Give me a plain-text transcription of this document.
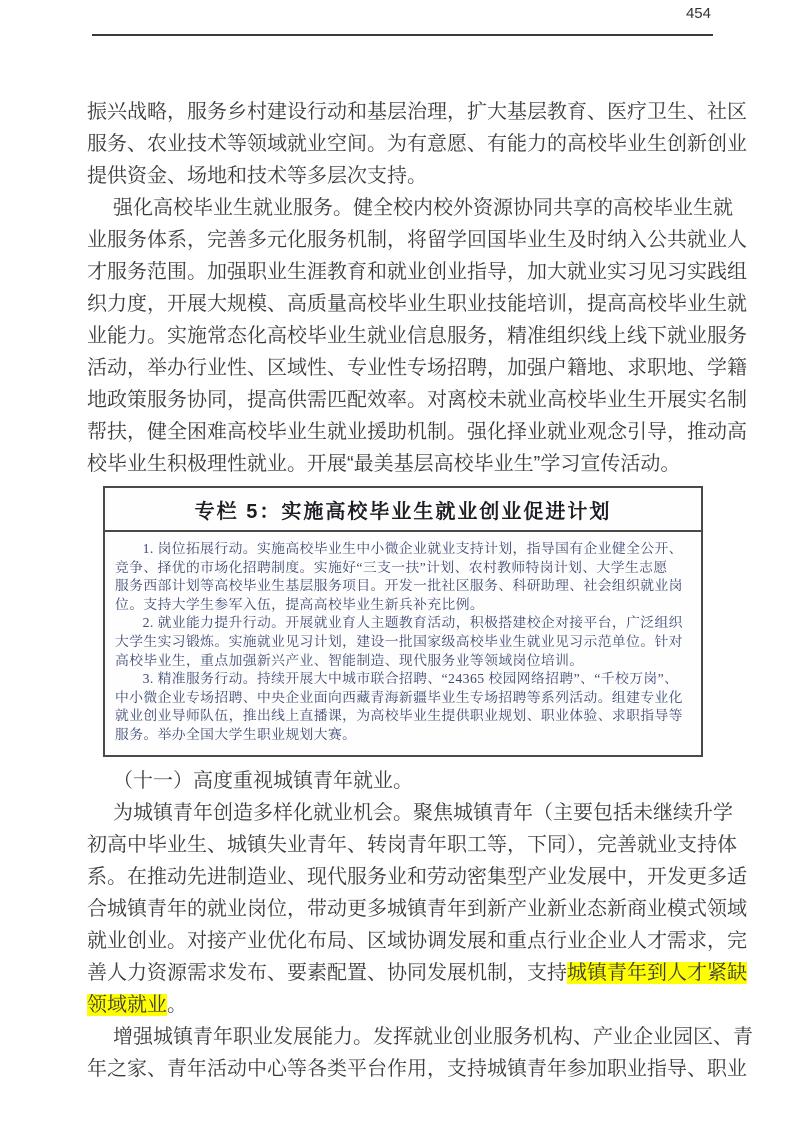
454
振兴战略，服务乡村建设行动和基层治理，扩大基层教育、医疗卫生、社区
服务、农业技术等领域就业空间。为有意愿、有能力的高校毕业生创新创业
提供资金、场地和技术等多层次支持。
强化高校毕业生就业服务。健全校内校外资源协同共享的高校毕业生就
业服务体系，完善多元化服务机制，将留学回国毕业生及时纳入公共就业人
才服务范围。加强职业生涯教育和就业创业指导，加大就业实习见习实践组
织力度，开展大规模、高质量高校毕业生职业技能培训，提高高校毕业生就
业能力。实施常态化高校毕业生就业信息服务，精准组织线上线下就业服务
活动，举办行业性、区域性、专业性专场招聘，加强户籍地、求职地、学籍
地政策服务协同，提高供需匹配效率。对离校未就业高校毕业生开展实名制
帮扶，健全困难高校毕业生就业援助机制。强化择业就业观念引导，推动高
校毕业生积极理性就业。开展“最美基层高校毕业生”学习宣传活动。
专栏 5：实施高校毕业生就业创业促进计划
1. 岗位拓展行动。实施高校毕业生中小微企业就业支持计划，指导国有企业健全公开、
竞争、择优的市场化招聘制度。实施好“三支一扶”计划、农村教师特岗计划、大学生志愿
服务西部计划等高校毕业生基层服务项目。开发一批社区服务、科研助理、社会组织就业岗
位。支持大学生参军入伍，提高高校毕业生新兵补充比例。
2. 就业能力提升行动。开展就业育人主题教育活动，积极搭建校企对接平台，广泛组织
大学生实习锻炼。实施就业见习计划，建设一批国家级高校毕业生就业见习示范单位。针对
高校毕业生，重点加强新兴产业、智能制造、现代服务业等领域岗位培训。
3. 精准服务行动。持续开展大中城市联合招聘、“24365 校园网络招聘”、“千校万岗”、
中小微企业专场招聘、中央企业面向西藏青海新疆毕业生专场招聘等系列活动。组建专业化
就业创业导师队伍，推出线上直播课，为高校毕业生提供职业规划、职业体验、求职指导等
服务。举办全国大学生职业规划大赛。
（十一）高度重视城镇青年就业。
为城镇青年创造多样化就业机会。聚焦城镇青年（主要包括未继续升学
初高中毕业生、城镇失业青年、转岗青年职工等，下同），完善就业支持体
系。在推动先进制造业、现代服务业和劳动密集型产业发展中，开发更多适
合城镇青年的就业岗位，带动更多城镇青年到新产业新业态新商业模式领域
就业创业。对接产业优化布局、区域协调发展和重点行业企业人才需求，完
善人力资源需求发布、要素配置、协同发展机制，支持城镇青年到人才紧缺
领域就业。
增强城镇青年职业发展能力。发挥就业创业服务机构、产业企业园区、青
年之家、青年活动中心等各类平台作用，支持城镇青年参加职业指导、职业
